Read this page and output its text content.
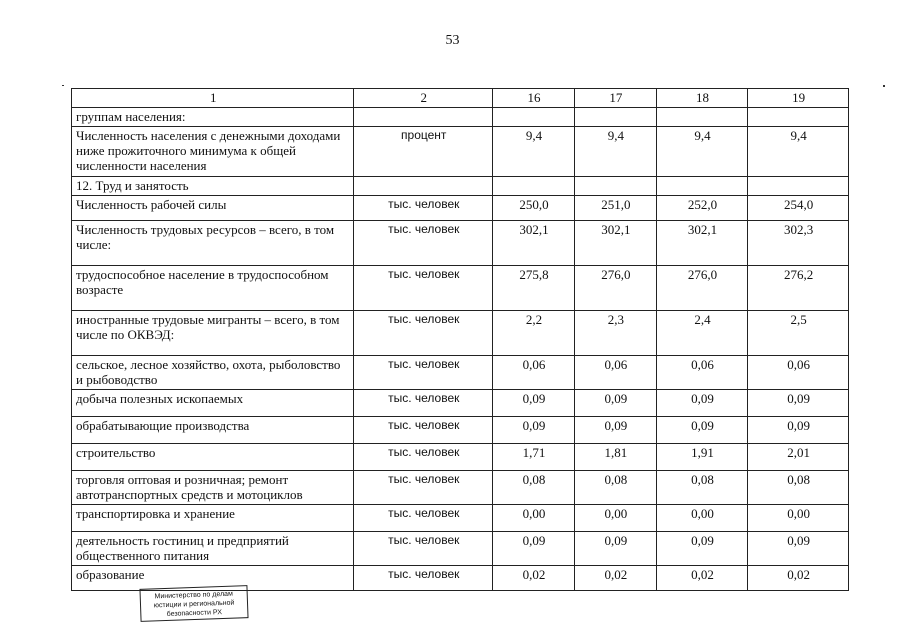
53
1	2	16	17	18	19
группам населения:					
Численность населения с денежными доходами ниже прожиточного минимума к общей численности населения	процент	9,4	9,4	9,4	9,4
12. Труд и занятость					
Численность рабочей силы	тыс. человек	250,0	251,0	252,0	254,0
Численность трудовых ресурсов – всего, в том числе:	тыс. человек	302,1	302,1	302,1	302,3
трудоспособное население в трудоспособном возрасте	тыс. человек	275,8	276,0	276,0	276,2
иностранные трудовые мигранты – всего, в том числе по ОКВЭД:	тыс. человек	2,2	2,3	2,4	2,5
сельское, лесное хозяйство, охота, рыболовство и рыбоводство	тыс. человек	0,06	0,06	0,06	0,06
добыча полезных ископаемых	тыс. человек	0,09	0,09	0,09	0,09
обрабатывающие производства	тыс. человек	0,09	0,09	0,09	0,09
строительство	тыс. человек	1,71	1,81	1,91	2,01
торговля оптовая и розничная; ремонт автотранспортных средств и мотоциклов	тыс. человек	0,08	0,08	0,08	0,08
транспортировка и хранение	тыс. человек	0,00	0,00	0,00	0,00
деятельность гостиниц и предприятий общественного питания	тыс. человек	0,09	0,09	0,09	0,09
образование	тыс. человек	0,02	0,02	0,02	0,02
Министерство по делам
юстиции и региональной
безопасности РХ
